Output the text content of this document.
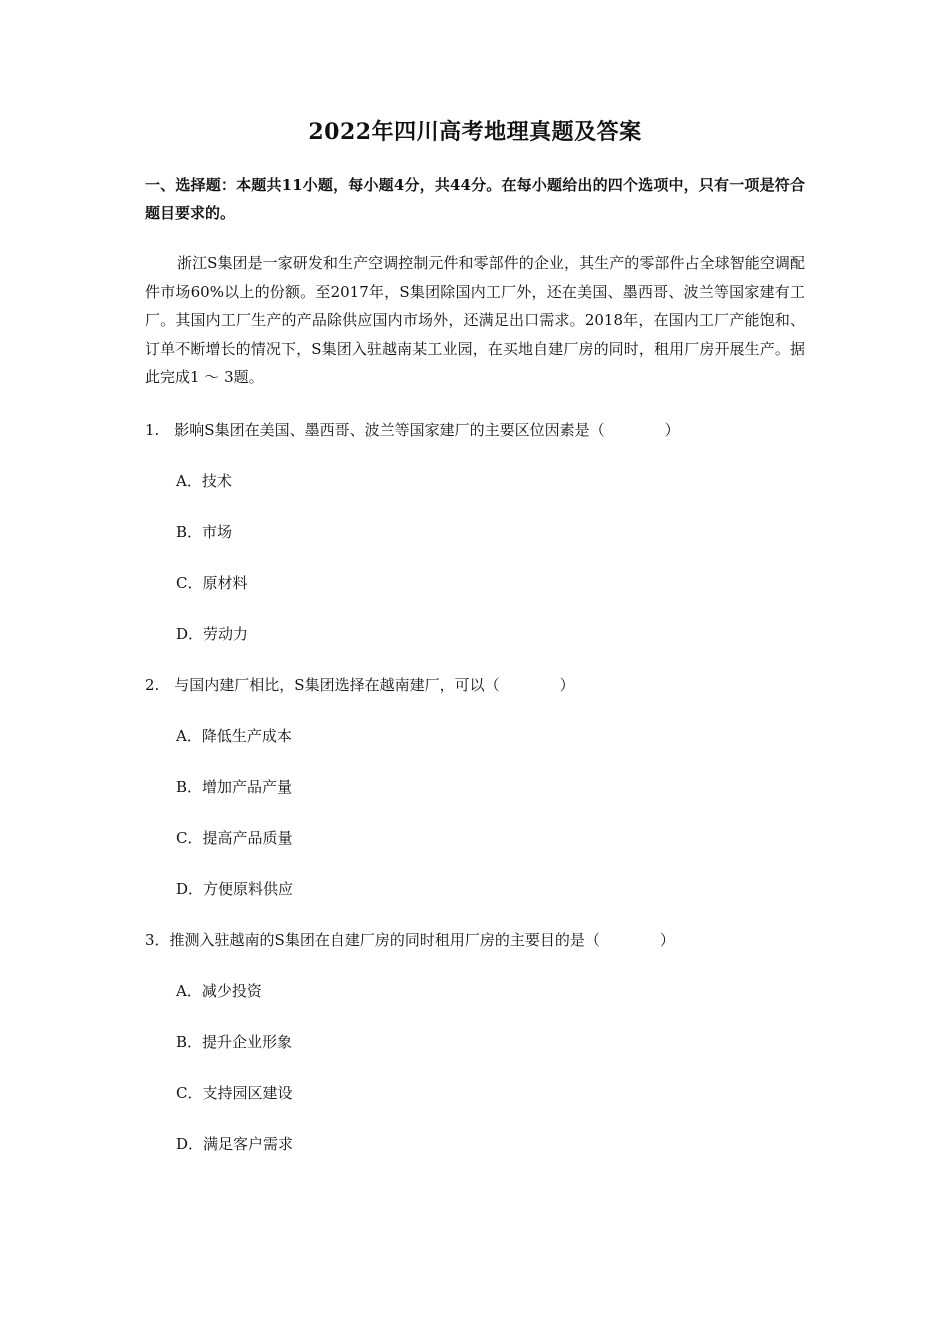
2022年四川高考地理真题及答案
一、选择题：本题共11小题，每小题4分，共44分。在每小题给出的四个选项中，只有一项是符合题目要求的。
浙江S集团是一家研发和生产空调控制元件和零部件的企业，其生产的零部件占全球智能空调配件市场60%以上的份额。至2017年，S集团除国内工厂外，还在美国、墨西哥、波兰等国家建有工厂。其国内工厂生产的产品除供应国内市场外，还满足出口需求。2018年，在国内工厂产能饱和、订单不断增长的情况下，S集团入驻越南某工业园，在买地自建厂房的同时，租用厂房开展生产。据此完成1 ～ 3题。
1.　影响S集团在美国、墨西哥、波兰等国家建厂的主要区位因素是（　　　　）
A．技术
B．市场
C．原材料
D．劳动力
2.　与国内建厂相比，S集团选择在越南建厂，可以（　　　　）
A．降低生产成本
B．增加产品产量
C．提高产品质量
D．方便原料供应
3．推测入驻越南的S集团在自建厂房的同时租用厂房的主要目的是（　　　　）
A．减少投资
B．提升企业形象
C．支持园区建设
D．满足客户需求
